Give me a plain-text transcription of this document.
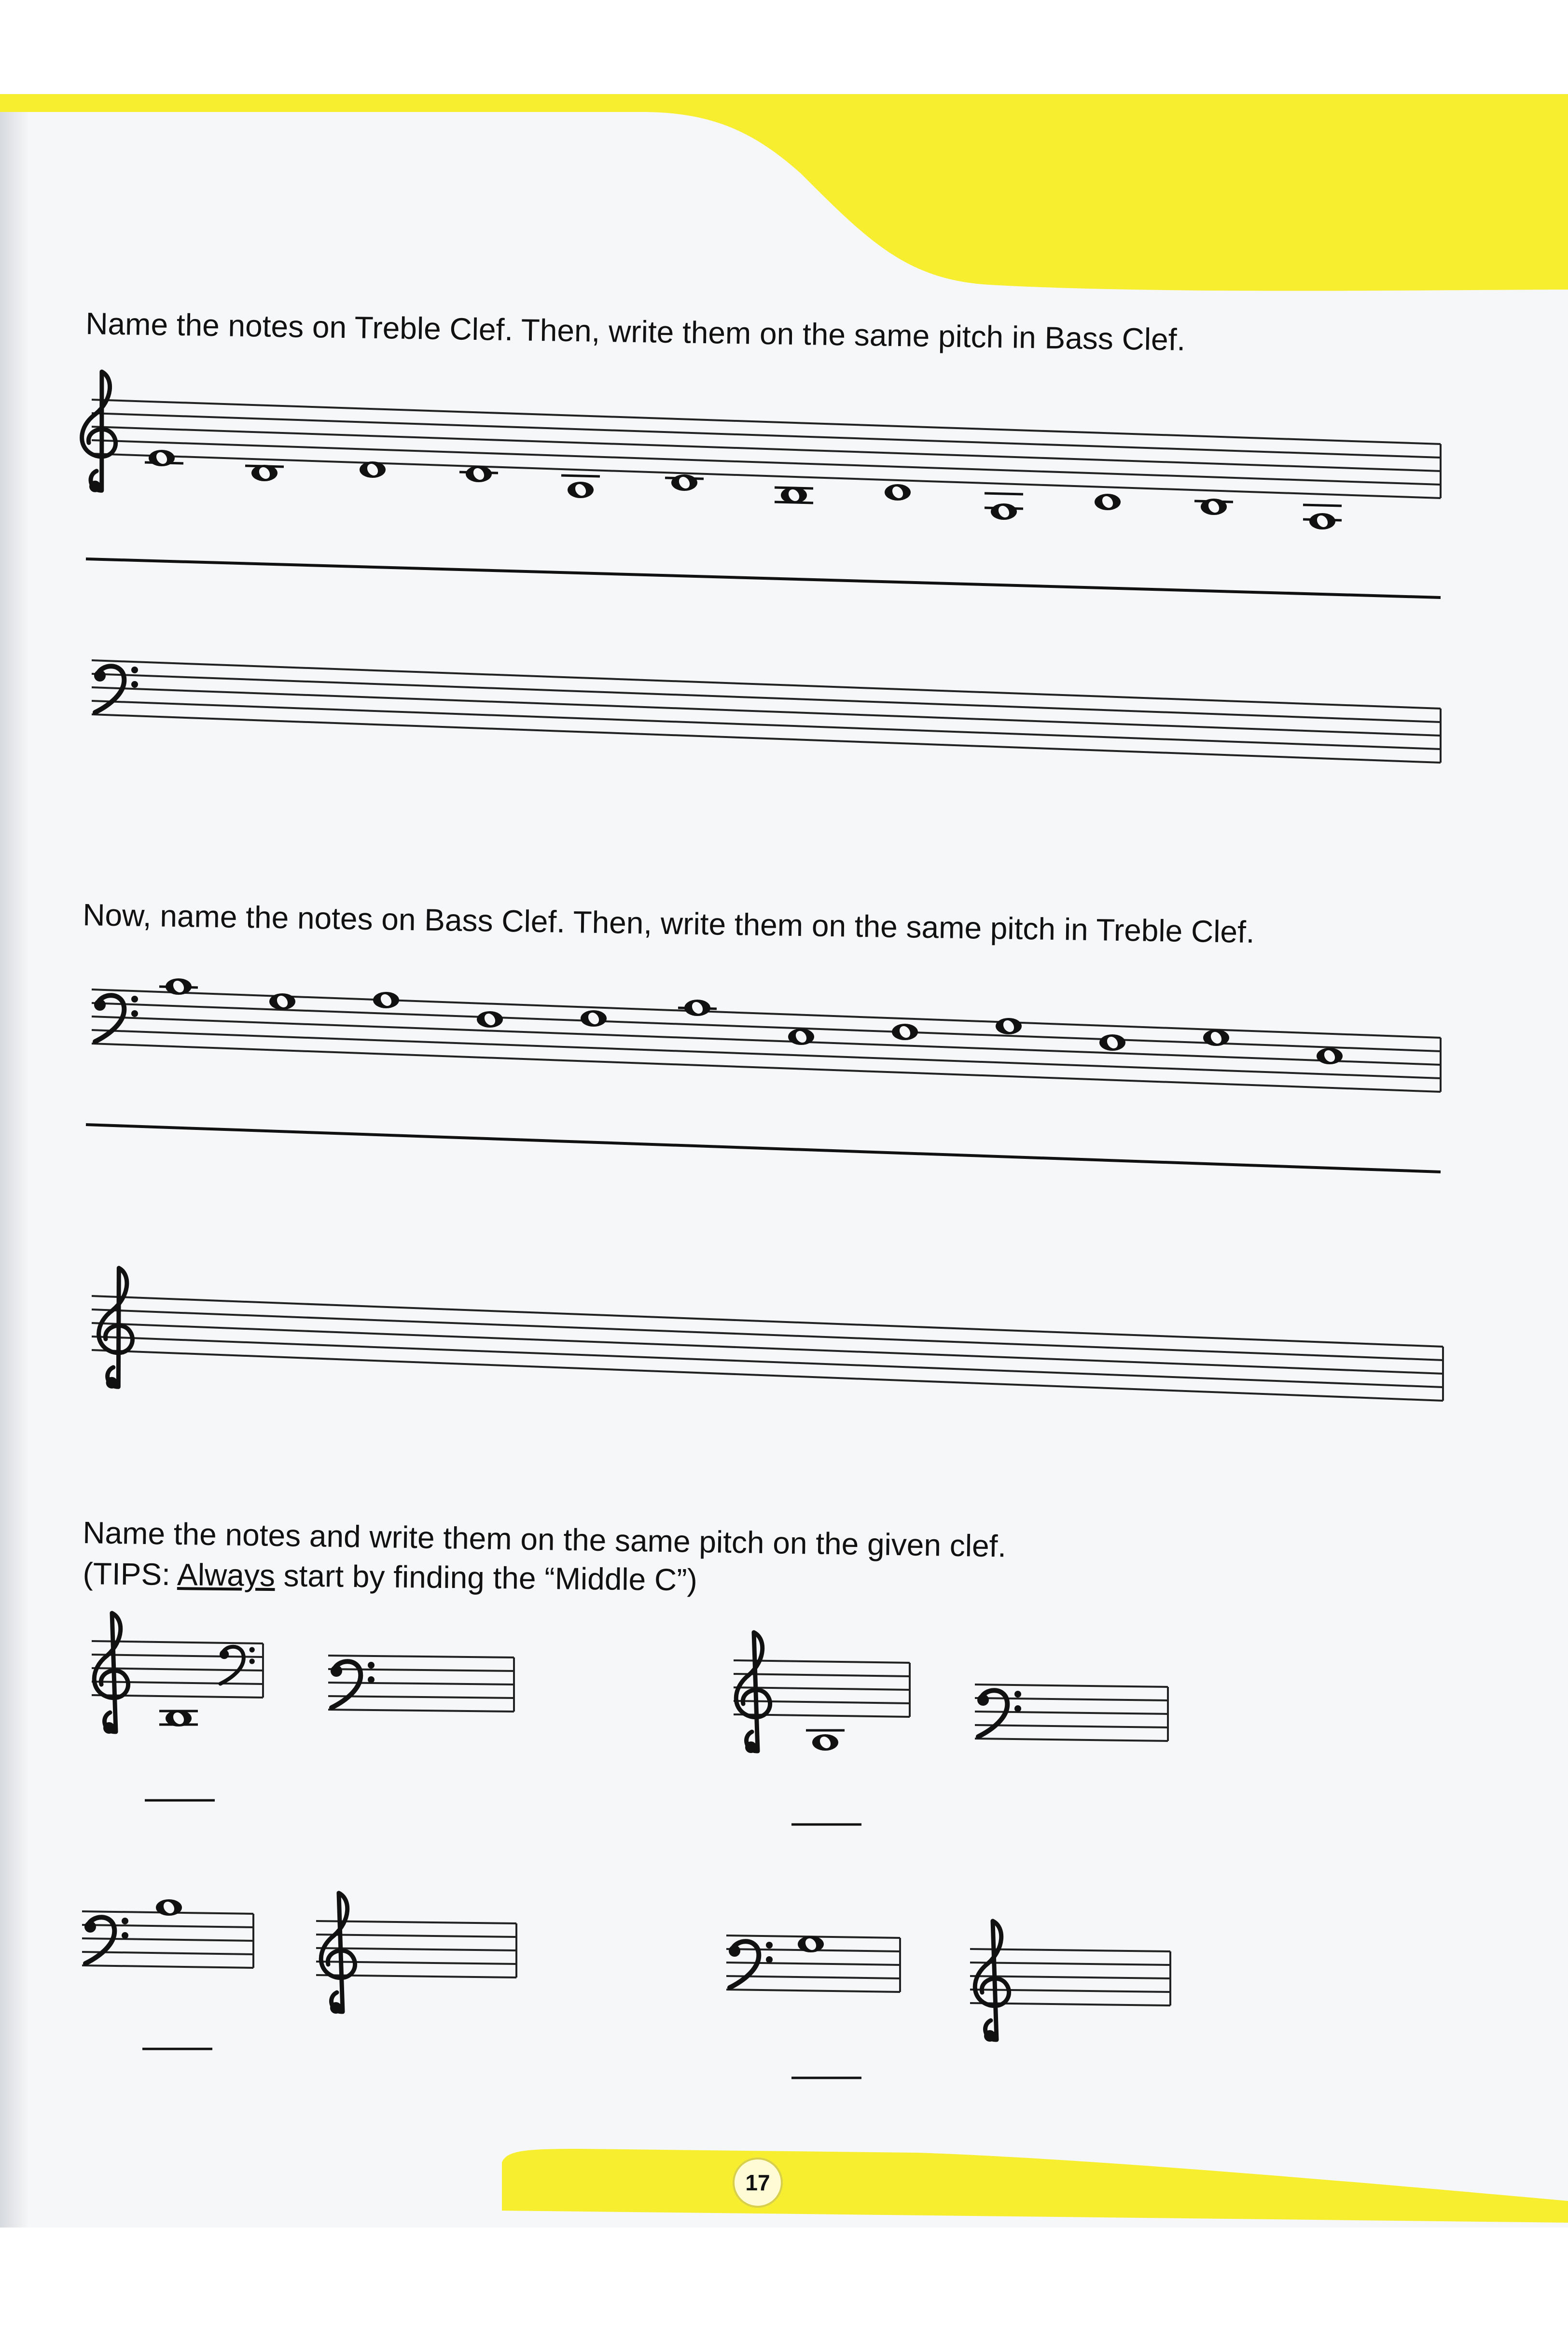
Name the notes on Treble Clef. Then, write them on the same pitch in Bass Clef.
Now, name the notes on Bass Clef. Then, write them on the same pitch in Treble Clef.
Name the notes and write them on the same pitch on the given clef.
(TIPS: Always start by finding the “Middle C”)
17
